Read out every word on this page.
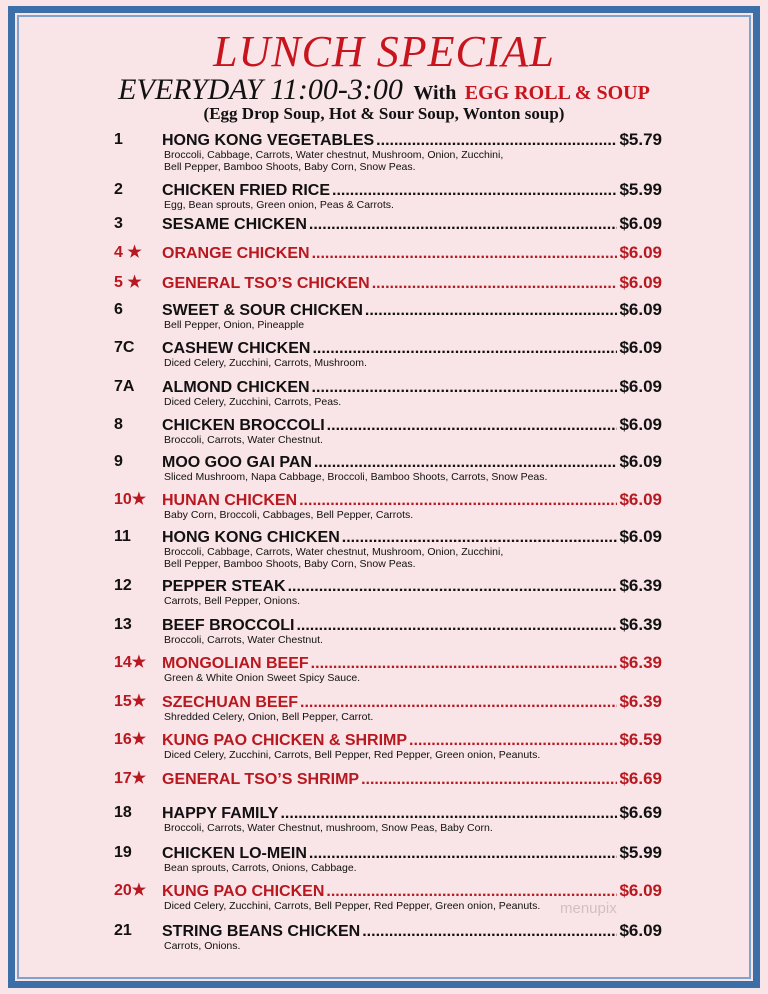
LUNCH SPECIAL
EVERYDAY 11:00-3:00 With EGG ROLL & SOUP
(Egg Drop Soup, Hot & Sour Soup, Wonton soup)
1 HONG KONG VEGETABLES .....	$5.79
Broccoli, Cabbage, Carrots, Water chestnut, Mushroom, Onion, Zucchini,
Bell Pepper, Bamboo Shoots, Baby Corn, Snow Peas.
2 CHICKEN FRIED RICE .....	$5.99
Egg, Bean sprouts, Green onion, Peas & Carrots.
3 SESAME CHICKEN .....	$6.09
4 ★ ORANGE CHICKEN .....	$6.09
5 ★ GENERAL TSO’S CHICKEN .....	$6.09
6 SWEET & SOUR CHICKEN .....	$6.09
Bell Pepper, Onion, Pineapple
7C CASHEW CHICKEN .....	$6.09
Diced Celery, Zucchini, Carrots, Mushroom.
7A ALMOND CHICKEN .....	$6.09
Diced Celery, Zucchini, Carrots, Peas.
8 CHICKEN BROCCOLI .....	$6.09
Broccoli, Carrots, Water Chestnut.
9 MOO GOO GAI PAN .....	$6.09
Sliced Mushroom, Napa Cabbage, Broccoli, Bamboo Shoots, Carrots, Snow Peas.
10★ HUNAN CHICKEN .....	$6.09
Baby Corn, Broccoli, Cabbages, Bell Pepper, Carrots.
11 HONG KONG CHICKEN .....	$6.09
Broccoli, Cabbage, Carrots, Water chestnut, Mushroom, Onion, Zucchini,
Bell Pepper, Bamboo Shoots, Baby Corn, Snow Peas.
12 PEPPER STEAK .....	$6.39
Carrots, Bell Pepper, Onions.
13 BEEF BROCCOLI .....	$6.39
Broccoli, Carrots, Water Chestnut.
14★ MONGOLIAN BEEF .....	$6.39
Green & White Onion Sweet Spicy Sauce.
15★ SZECHUAN BEEF .....	$6.39
Shredded Celery, Onion, Bell Pepper, Carrot.
16★ KUNG PAO CHICKEN & SHRIMP .....	$6.59
Diced Celery, Zucchini, Carrots, Bell Pepper, Red Pepper, Green onion, Peanuts.
17★ GENERAL TSO’S SHRIMP .....	$6.69
18 HAPPY FAMILY .....	$6.69
Broccoli, Carrots, Water Chestnut, mushroom, Snow Peas, Baby Corn.
19 CHICKEN LO-MEIN .....	$5.99
Bean sprouts, Carrots, Onions, Cabbage.
20★ KUNG PAO CHICKEN .....	$6.09
Diced Celery, Zucchini, Carrots, Bell Pepper, Red Pepper, Green onion, Peanuts.
21 STRING BEANS CHICKEN .....	$6.09
Carrots, Onions.
menupix
